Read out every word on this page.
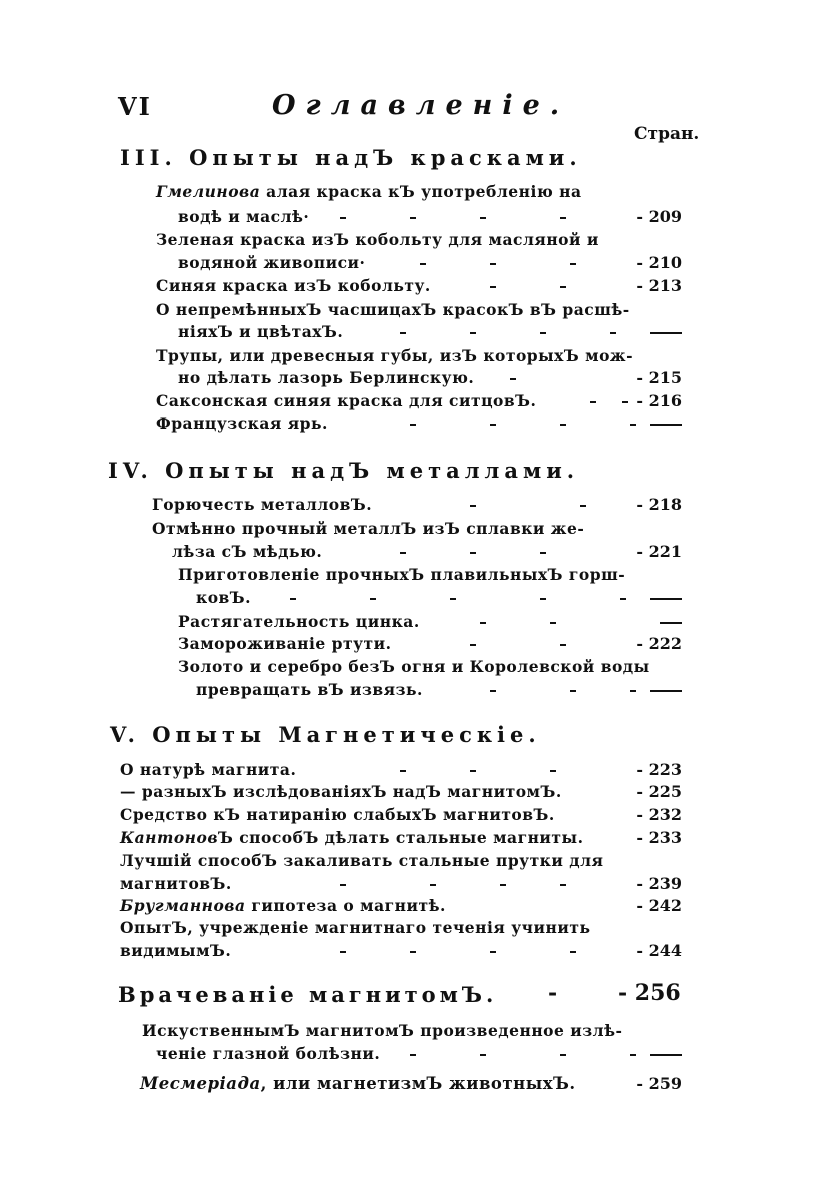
VI	Оглавленіе.
Стран.
III. Опыты надЪ красками.
Гмелинова алая краска кЪ употребленію на
водѣ и маслѣ·	- 209
Зеленая краска изЪ кобольту для масляной и
водяной живописи·	- 210
Синяя краска изЪ кобольту.	- 213
О непремѣнныхЪ часшицахЪ красокЪ вЪ расшѣ-
ніяхЪ и цвѣтахЪ.
Трупы, или древесныя губы, изЪ которыхЪ мож-
но дѣлать лазорь Берлинскую.	- 215
Саксонская синяя краска для ситцовЪ.	- 216
Французская ярь.
IV. Опыты надЪ металлами.
Горючесть металловЪ.	- 218
Отмѣнно прочный металлЪ изЪ сплавки же-
лѣза сЪ мѣдью.	- 221
Приготовленіе прочныхЪ плавильныхЪ горш-
ковЪ.
Растягательность цинка.
Замороживаніе ртути.	- 222
Золото и серебро безЪ огня и Королевской воды
превращать вЪ извязь.
V. Опыты Магнетическіе.
О натурѣ магнита.	- 223
— разныхЪ изслѣдованіяхЪ надЪ магнитомЪ.	- 225
Средство кЪ натиранію слабыхЪ магнитовЪ.	- 232
КантоновЪ способЪ дѣлать стальные магниты.	- 233
Лучшій способЪ закаливать стальные прутки для
магнитовЪ.	- 239
Бругманнова гипотеза о магнитѣ.	- 242
ОпытЪ, учрежденіе магнитнаго теченія учинить
видимымЪ.	- 244
Врачеваніе магнитомЪ. -	- 256
ИскуственнымЪ магнитомЪ произведенное излѣ-
ченіе глазной болѣзни.
Месмеріада, или магнетизмЪ животныхЪ.	- 259
